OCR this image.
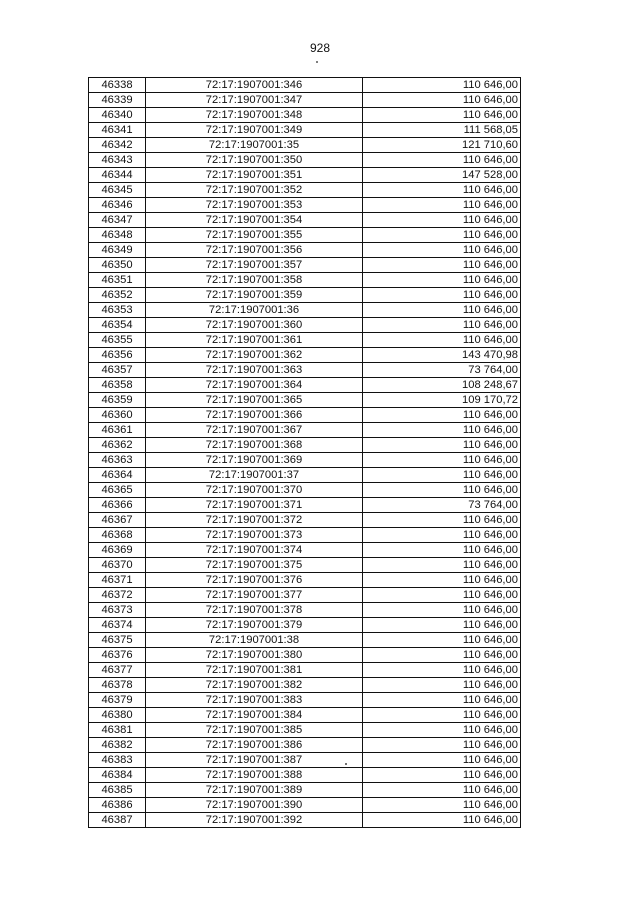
928
46338	72:17:1907001:346	110 646,00
46339	72:17:1907001:347	110 646,00
46340	72:17:1907001:348	110 646,00
46341	72:17:1907001:349	111 568,05
46342	72:17:1907001:35	121 710,60
46343	72:17:1907001:350	110 646,00
46344	72:17:1907001:351	147 528,00
46345	72:17:1907001:352	110 646,00
46346	72:17:1907001:353	110 646,00
46347	72:17:1907001:354	110 646,00
46348	72:17:1907001:355	110 646,00
46349	72:17:1907001:356	110 646,00
46350	72:17:1907001:357	110 646,00
46351	72:17:1907001:358	110 646,00
46352	72:17:1907001:359	110 646,00
46353	72:17:1907001:36	110 646,00
46354	72:17:1907001:360	110 646,00
46355	72:17:1907001:361	110 646,00
46356	72:17:1907001:362	143 470,98
46357	72:17:1907001:363	73 764,00
46358	72:17:1907001:364	108 248,67
46359	72:17:1907001:365	109 170,72
46360	72:17:1907001:366	110 646,00
46361	72:17:1907001:367	110 646,00
46362	72:17:1907001:368	110 646,00
46363	72:17:1907001:369	110 646,00
46364	72:17:1907001:37	110 646,00
46365	72:17:1907001:370	110 646,00
46366	72:17:1907001:371	73 764,00
46367	72:17:1907001:372	110 646,00
46368	72:17:1907001:373	110 646,00
46369	72:17:1907001:374	110 646,00
46370	72:17:1907001:375	110 646,00
46371	72:17:1907001:376	110 646,00
46372	72:17:1907001:377	110 646,00
46373	72:17:1907001:378	110 646,00
46374	72:17:1907001:379	110 646,00
46375	72:17:1907001:38	110 646,00
46376	72:17:1907001:380	110 646,00
46377	72:17:1907001:381	110 646,00
46378	72:17:1907001:382	110 646,00
46379	72:17:1907001:383	110 646,00
46380	72:17:1907001:384	110 646,00
46381	72:17:1907001:385	110 646,00
46382	72:17:1907001:386	110 646,00
46383	72:17:1907001:387	110 646,00
46384	72:17:1907001:388	110 646,00
46385	72:17:1907001:389	110 646,00
46386	72:17:1907001:390	110 646,00
46387	72:17:1907001:392	110 646,00
